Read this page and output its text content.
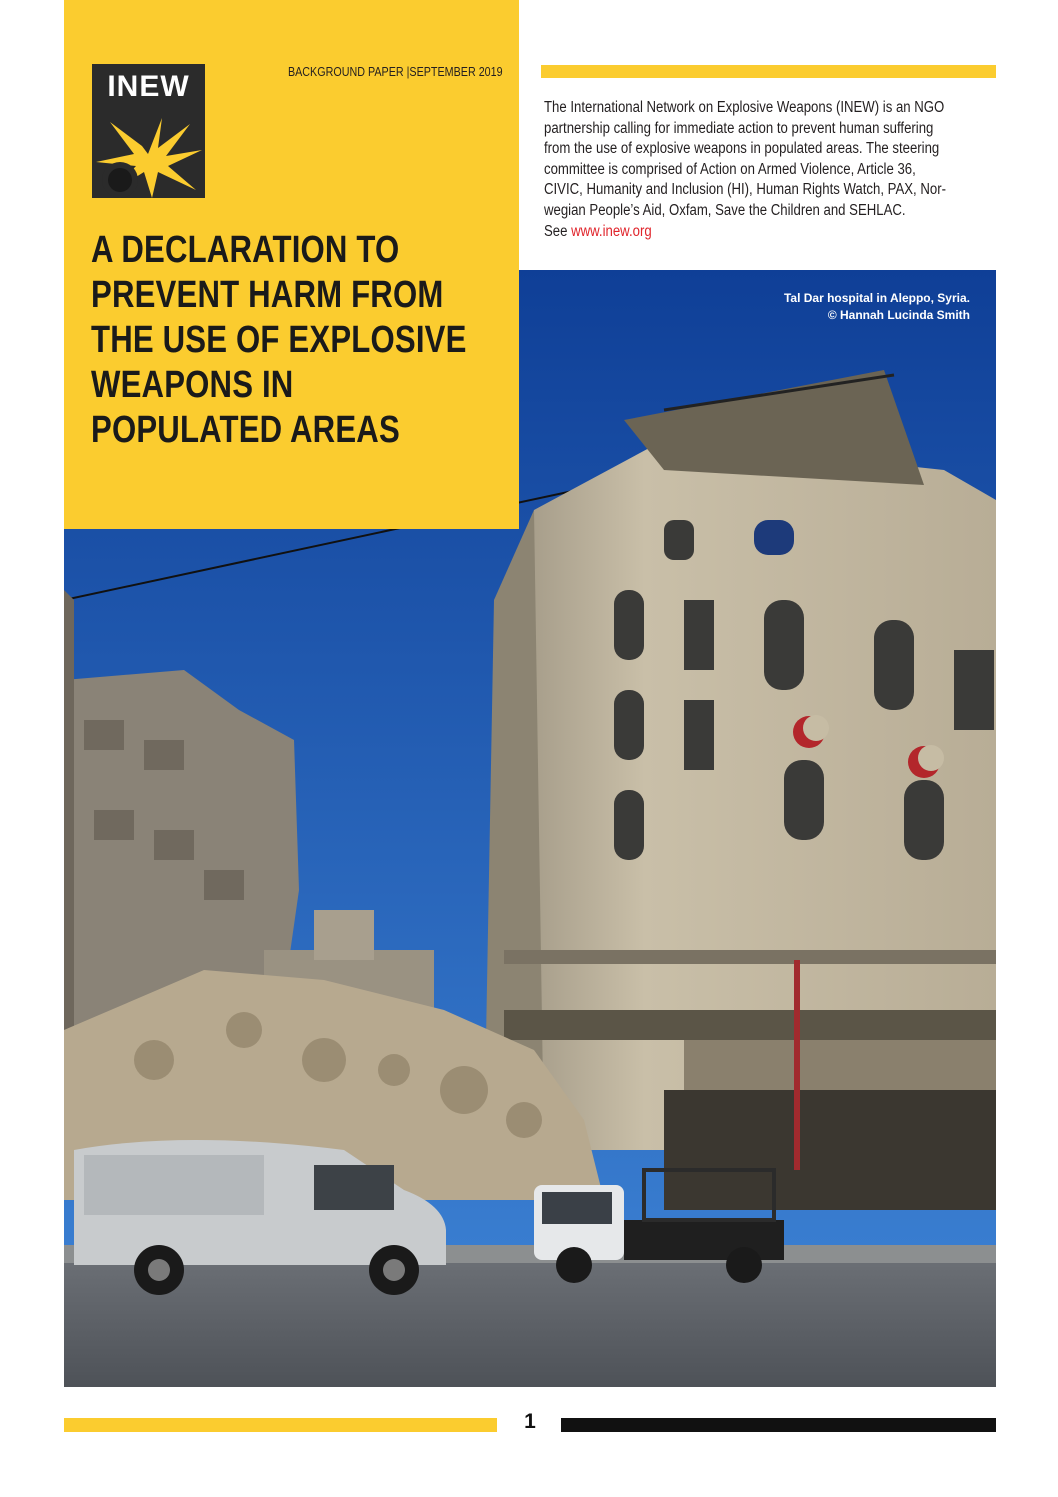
INEW	BACKGROUND PAPER |SEPTEMBER 2019
A DECLARATION TO
PREVENT HARM FROM
THE USE OF EXPLOSIVE
WEAPONS IN
POPULATED AREAS
The International Network on Explosive Weapons (INEW) is an NGO
partnership calling for immediate action to prevent human suffering
from the use of explosive weapons in populated areas. The steering
committee is comprised of Action on Armed Violence, Article 36,
CIVIC, Humanity and Inclusion (HI), Human Rights Watch, PAX, Nor-
wegian People’s Aid, Oxfam, Save the Children and SEHLAC.
See www.inew.org
Tal Dar hospital in Aleppo, Syria.
© Hannah Lucinda Smith
1
